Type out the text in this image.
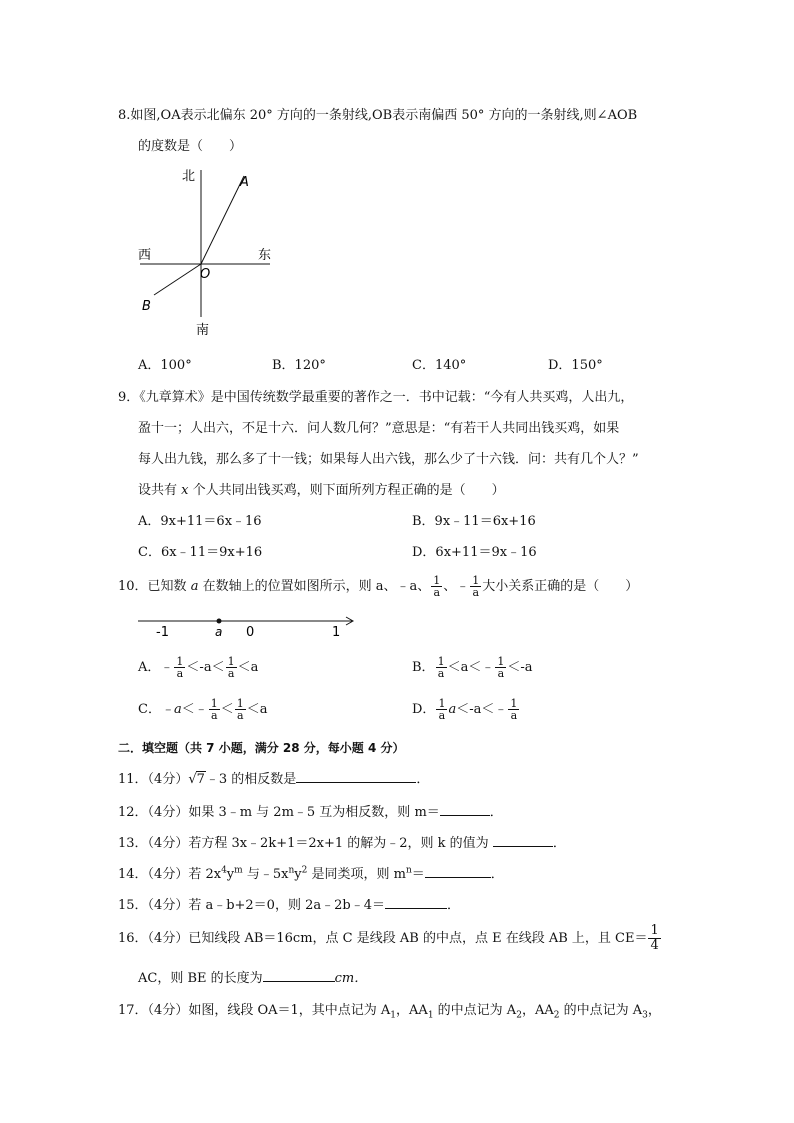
8.如图,OA表示北偏东 20° 方向的一条射线,OB表示南偏西 50° 方向的一条射线,则∠AOB
的度数是（　　）
北	A
西	东
O
B
南
A．100°	B．120°	C．140°	D．150°
9．《九章算术》是中国传统数学最重要的著作之一．书中记载：“今有人共买鸡，人出九，
盈十一；人出六，不足十六．问人数几何？”意思是：“有若干人共同出钱买鸡，如果
每人出九钱，那么多了十一钱；如果每人出六钱，那么少了十六钱．问：共有几个人？”
设共有 x 个人共同出钱买鸡，则下面所列方程正确的是（　　）
A．9x+11＝6x﹣16	B．9x﹣11＝6x+16
C．6x﹣11＝9x+16	D．6x+11＝9x﹣16
10．已知数 a 在数轴上的位置如图所示，则 a、﹣a、 $\frac{1}{a}$ 、﹣ $\frac{1}{a}$ 大小关系正确的是（　　）
-1	a 0	1
A．﹣ $\frac{1}{a} <-a< \frac{1}{a} <a$	B． $\frac{1}{a}$ ＜a＜﹣ $\frac{1}{a} <-a$
C．﹣a＜﹣ $\frac{1}{a} < \frac{1}{a} <a$	D． $\frac{1}{a}$ a＜-a＜﹣ $\frac{1}{a}$
二．填空题（共 7 小题，满分 28 分，每小题 4 分）
11．（4分）√7﹣3 的相反数是	．
12．（4分）如果 3﹣m 与 2m﹣5 互为相反数，则 m＝	．
13．（4分）若方程 3x﹣2k+1＝2x+1 的解为﹣2，则 k 的值为	．
14．（4分）若 $2x^4y^m$ 与$﹣5x^ny^2$ 是同类项，则 $m^n=$	．
15．（4分）若 a﹣b+2＝0，则 2a﹣2b﹣4＝	．
16．（4分）已知线段 AB＝16cm，点 C 是线段 AB 的中点，点 E 在线段 AB 上，且 $CE= \frac{1}{4}$
AC，则 BE 的长度为	cm．
17．（4分）如图，线段 OA＝1，其中点记为 $A_1$，$AA_1$ 的中点记为 $A_2$，$AA_2$ 的中点记为 $A_3$，
